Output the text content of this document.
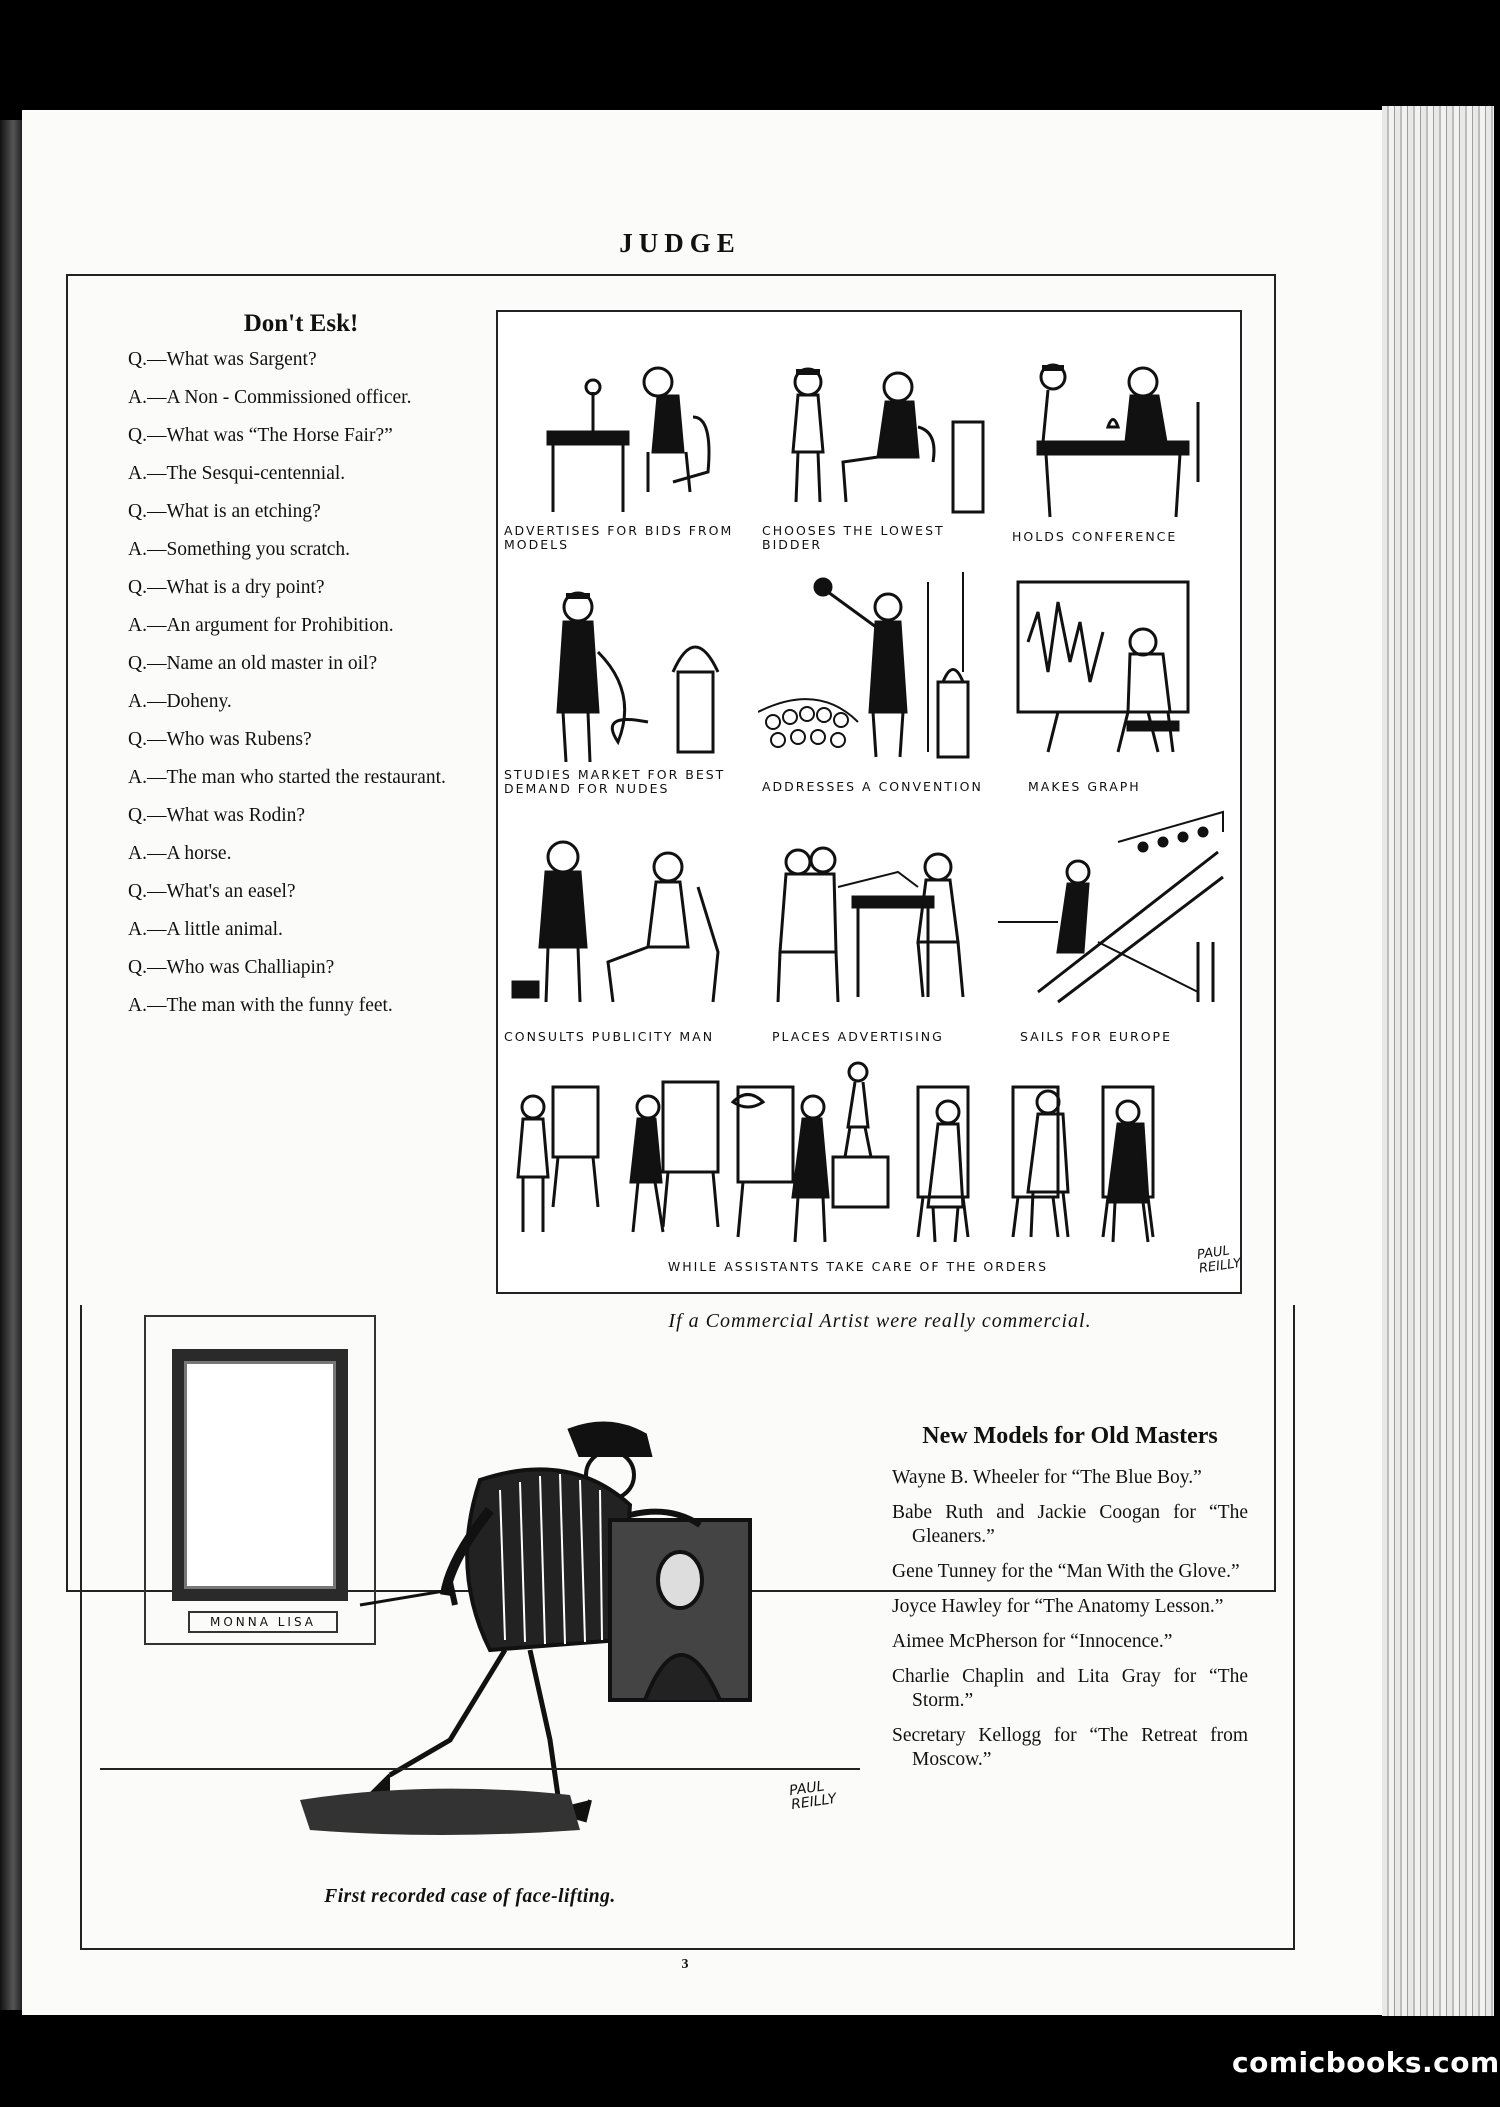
JUDGE
Don't Esk!

Q.—What was Sargent?

A.—A Non - Commissioned officer.

Q.—What was “The Horse Fair?”

A.—The Sesqui-centennial.

Q.—What is an etching?

A.—Something you scratch.

Q.—What is a dry point?

A.—An argument for Prohibition.

Q.—Name an old master in oil?

A.—Doheny.

Q.—Who was Rubens?

A.—The man who started the restaurant.

Q.—What was Rodin?

A.—A horse.

Q.—What's an easel?

A.—A little animal.

Q.—Who was Challiapin?

A.—The man with the funny feet.

ADVERTISES FOR BIDS FROM MODELS
CHOOSES THE LOWEST BIDDER
HOLDS CONFERENCE
STUDIES MARKET FOR BEST DEMAND FOR NUDES	ADDRESSES A CONVENTION	MAKES GRAPH
CONSULTS PUBLICITY MAN	PLACES ADVERTISING	SAILS FOR EUROPE
WHILE ASSISTANTS TAKE CARE OF THE ORDERS
PAUL REILLY
If a Commercial Artist were really commercial.
MONNA LISA
PAUL REILLY
First recorded case of face-lifting.
New Models for Old Masters

Wayne B. Wheeler for “The Blue Boy.”

Babe Ruth and Jackie Coogan for “The Gleaners.”

Gene Tunney for the “Man With the Glove.”

Joyce Hawley for “The Anatomy Lesson.”

Aimee McPherson for “Innocence.”

Charlie Chaplin and Lita Gray for “The Storm.”

Secretary Kellogg for “The Retreat from Moscow.”

3
comicbooks.com
